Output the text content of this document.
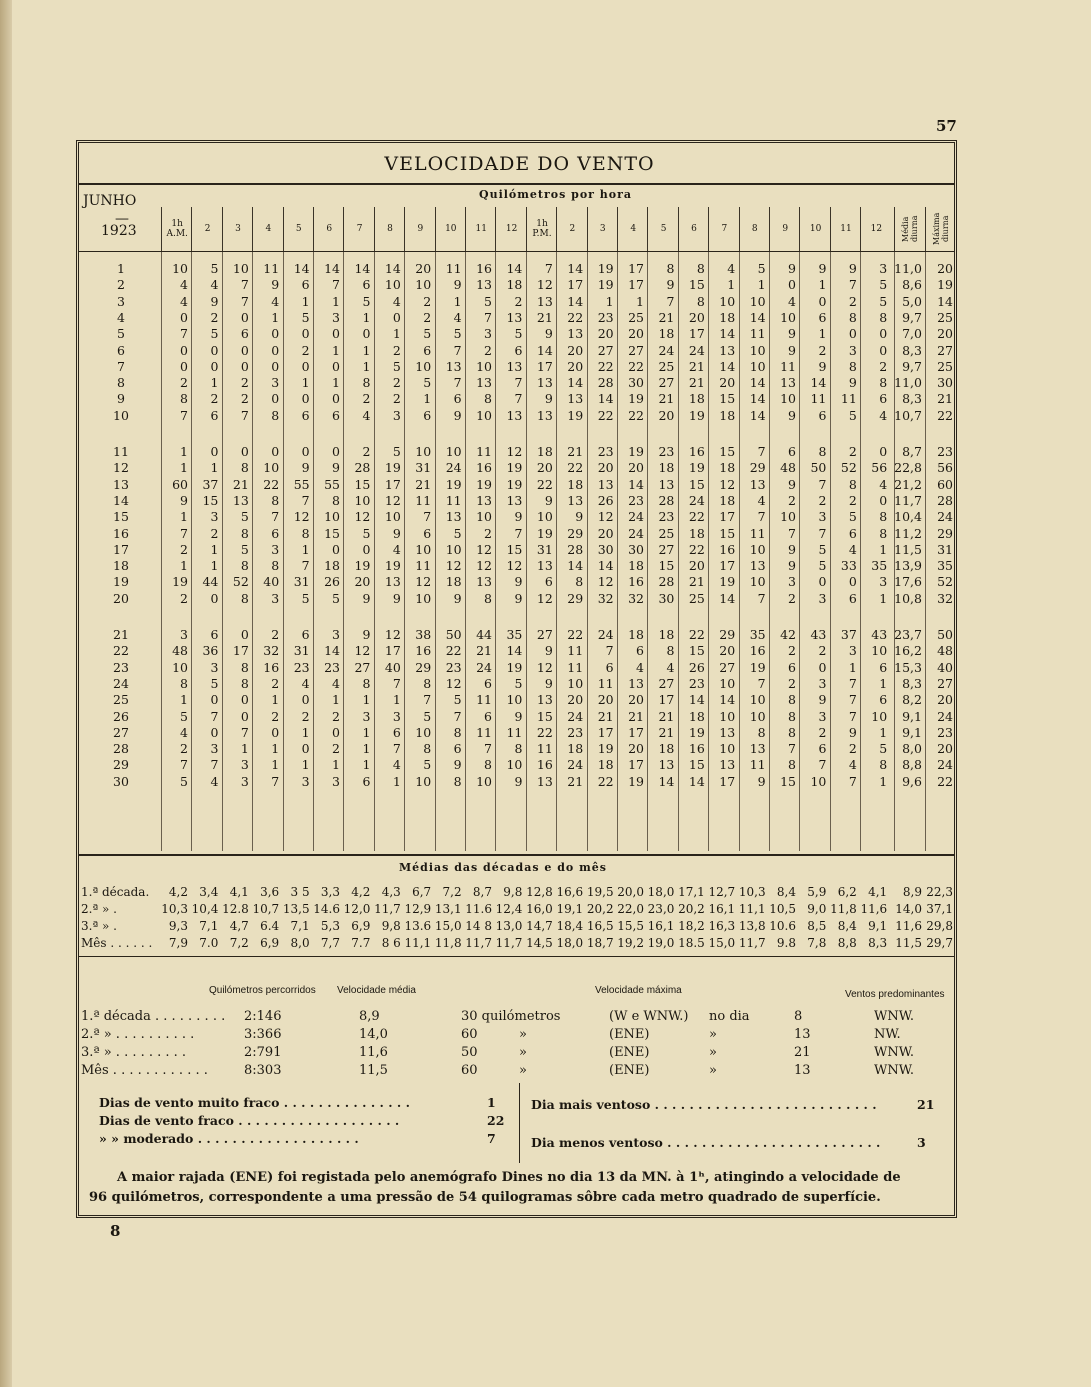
57
VELOCIDADE DO VENTO
JUNHO
—
1923
Quilómetros por hora
1h A.M.	2	3	4	5	6	7	8	9	10	11	12	1h P.M.	2	3	4	5	6	7	8	9	10	11	12	Média diurna Máxima diurna
1	10	5	10	11	14	14	14	14	20	11	16	14	7	14	19	17	8	8	4	5	9	9	9	3 11,0	20
2	4	4	7	9	6	7	6	10	10	9	13	18	12	17	19	17	9	15	1	1	0	1	7	5	8,6	19
3	4	9	7	4	1	1	5	4	2	1	5	2	13	14	1	1	7	8	10	10	4	0	2	5	5,0	14
4	0	2	0	1	5	3	1	0	2	4	7	13	21	22	23	25	21	20	18	14	10	6	8	8	9,7	25
5	7	5	6	0	0	0	0	1	5	5	3	5	9	13	20	20	18	17	14	11	9	1	0	0	7,0	20
6	0	0	0	0	2	1	1	2	6	7	2	6	14	20	27	27	24	24	13	10	9	2	3	0	8,3	27
7	0	0	0	0	0	0	1	5	10	13	10	13	17	20	22	22	25	21	14	10	11	9	8	2	9,7	25
8	2	1	2	3	1	1	8	2	5	7	13	7	13	14	28	30	27	21	20	14	13	14	9	8 11,0	30
9	8	2	2	0	0	0	2	2	1	6	8	7	9	13	14	19	21	18	15	14	10	11	11	6	8,3	21
10	7	6	7	8	6	6	4	3	6	9	10	13	13	19	22	22	20	19	18	14	9	6	5	4 10,7	22
11	1	0	0	0	0	0	2	5	10	10	11	12	18	21	23	19	23	16	15	7	6	8	2	0	8,7	23
12	1	1	8	10	9	9	28	19	31	24	16	19	20	22	20	20	18	19	18	29	48	50	52	56 22,8	56
13	60	37	21	22	55	55	15	17	21	19	19	19	22	18	13	14	13	15	12	13	9	7	8	4 21,2	60
14	9	15	13	8	7	8	10	12	11	11	13	13	9	13	26	23	28	24	18	4	2	2	2	0 11,7	28
15	1	3	5	7	12	10	12	10	7	13	10	9	10	9	12	24	23	22	17	7	10	3	5	8 10,4	24
16	7	2	8	6	8	15	5	9	6	5	2	7	19	29	20	24	25	18	15	11	7	7	6	8 11,2	29
17	2	1	5	3	1	0	0	4	10	10	12	15	31	28	30	30	27	22	16	10	9	5	4	1 11,5	31
18	1	1	8	8	7	18	19	19	11	12	12	12	13	14	14	18	15	20	17	13	9	5	33	35 13,9	35
19	19	44	52	40	31	26	20	13	12	18	13	9	6	8	12	16	28	21	19	10	3	0	0	3 17,6	52
20	2	0	8	3	5	5	9	9	10	9	8	9	12	29	32	32	30	25	14	7	2	3	6	1 10,8	32
21	3	6	0	2	6	3	9	12	38	50	44	35	27	22	24	18	18	22	29	35	42	43	37	43 23,7	50
22	48	36	17	32	31	14	12	17	16	22	21	14	9	11	7	6	8	15	20	16	2	2	3	10 16,2	48
23	10	3	8	16	23	23	27	40	29	23	24	19	12	11	6	4	4	26	27	19	6	0	1	6 15,3	40
24	8	5	8	2	4	4	8	7	8	12	6	5	9	10	11	13	27	23	10	7	2	3	7	1	8,3	27
25	1	0	0	1	0	1	1	1	7	5	11	10	13	20	20	20	17	14	14	10	8	9	7	6	8,2	20
26	5	7	0	2	2	2	3	3	5	7	6	9	15	24	21	21	21	18	10	10	8	3	7	10	9,1	24
27	4	0	7	0	1	0	1	6	10	8	11	11	22	23	17	17	21	19	13	8	8	2	9	1	9,1	23
28	2	3	1	1	0	2	1	7	8	6	7	8	11	18	19	20	18	16	10	13	7	6	2	5	8,0	20
29	7	7	3	1	1	1	1	4	5	9	8	10	16	24	18	17	13	15	13	11	8	7	4	8	8,8	24
30	5	4	3	7	3	3	6	1	10	8	10	9	13	21	22	19	14	14	17	9	15	10	7	1	9,6	22
Médias das décadas e do mês
1.ª década.	4,2 3,4 4,1 3,6 3 5 3,3 4,2 4,3 6,7 7,2 8,7 9,8 12,8 16,6 19,5 20,0 18,0 17,1 12,7 10,3 8,4 5,9 6,2 4,1	8,9 22,3
2.ª » .	10,3 10,4 12.8 10,7 13,5 14.6 12,0 11,7 12,9 13,1 11.6 12,4 16,0 19,1 20,2 22,0 23,0 20,2 16,1 11,1 10,5 9,0 11,8 11,6 14,0 37,1
3.ª » .	9,3 7,1 4,7 6.4 7,1 5,3 6,9 9,8 13.6 15,0 14 8 13,0 14,7 18,4 16,5 15,5 16,1 18,2 16,3 13,8 10.6 8,5 8,4 9,1 11,6 29,8
Mês . . . . . .	7,9 7.0 7,2 6,9 8,0 7,7 7.7 8 6 11,1 11,8 11,7 11,7 14,5 18,0 18,7 19,2 19,0 18.5 15,0 11,7 9.8 7,8 8,8 8,3 11,5 29,7
Quilómetros percorridos Velocidade média	Velocidade máxima	Ventos predominantes
1.ª década . . . . . . . . . 2:146	8,9	30 quilómetros	(W e WNW.) no dia	8	WNW.
2.ª » . . . . . . . . . .	3:366	14,0	60	»	(ENE)	»	13	NW.
3.ª » . . . . . . . . .	2:791	11,6	50	»	(ENE)	»	21	WNW.
Mês . . . . . . . . . . . .	8:303	11,5	60	»	(ENE)	»	13	WNW.
Dias de vento muito fraco . . . . . . . . . . . . . . .	1
Dias de vento fraco . . . . . . . . . . . . . . . . . . .	22
» » moderado . . . . . . . . . . . . . . . . . . .	7
Dia mais ventoso . . . . . . . . . . . . . . . . . . . . . . . . . .	21
Dia menos ventoso . . . . . . . . . . . . . . . . . . . . . . . . .	3
A maior rajada (ENE) foi registada pelo anemógrafo Dines no dia 13 da MN. à 1ʰ, atingindo a velocidade de
96 quilómetros, correspondente a uma pressão de 54 quilogramas sôbre cada metro quadrado de superfície.
8
